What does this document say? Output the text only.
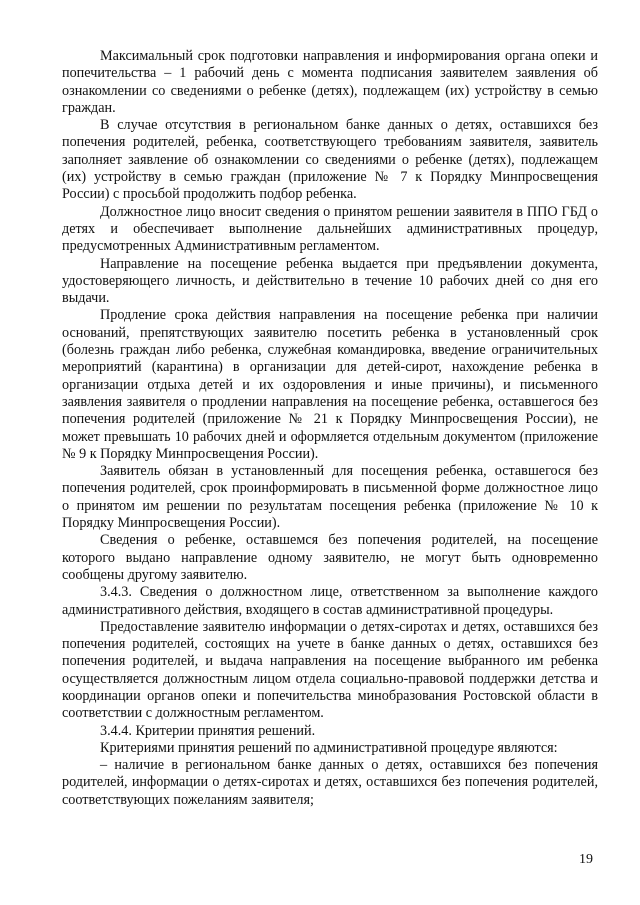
Максимальный срок подготовки направления и информирования органа опеки и попечительства – 1 рабочий день с момента подписания заявителем заявления об ознакомлении со сведениями о ребенке (детях), подлежащем (их) устройству в семью граждан.

В случае отсутствия в региональном банке данных о детях, оставшихся без попечения родителей, ребенка, соответствующего требованиям заявителя, заявитель заполняет заявление об ознакомлении со сведениями о ребенке (детях), подлежащем (их) устройству в семью граждан (приложение № 7 к Порядку Минпросвещения России) с просьбой продолжить подбор ребенка.

Должностное лицо вносит сведения о принятом решении заявителя в ППО ГБД о детях и обеспечивает выполнение дальнейших административных процедур, предусмотренных Административным регламентом.

Направление на посещение ребенка выдается при предъявлении документа, удостоверяющего личность, и действительно в течение 10 рабочих дней со дня его выдачи.

Продление срока действия направления на посещение ребенка при наличии оснований, препятствующих заявителю посетить ребенка в установленный срок (болезнь граждан либо ребенка, служебная командировка, введение ограничительных мероприятий (карантина) в организации для детей-сирот, нахождение ребенка в организации отдыха детей и их оздоровления и иные причины), и письменного заявления заявителя о продлении направления на посещение ребенка, оставшегося без попечения родителей (приложение № 21 к Порядку Минпросвещения России), не может превышать 10 рабочих дней и оформляется отдельным документом (приложение № 9 к Порядку Минпросвещения России).

Заявитель обязан в установленный для посещения ребенка, оставшегося без попечения родителей, срок проинформировать в письменной форме должностное лицо о принятом им решении по результатам посещения ребенка (приложение № 10 к Порядку Минпросвещения России).

Сведения о ребенке, оставшемся без попечения родителей, на посещение которого выдано направление одному заявителю, не могут быть одновременно сообщены другому заявителю.

3.4.3. Сведения о должностном лице, ответственном за выполнение каждого административного действия, входящего в состав административной процедуры.

Предоставление заявителю информации о детях-сиротах и детях, оставшихся без попечения родителей, состоящих на учете в банке данных о детях, оставшихся без попечения родителей, и выдача направления на посещение выбранного им ребенка осуществляется должностным лицом отдела социально-правовой поддержки детства и координации органов опеки и попечительства минобразования Ростовской области в соответствии с должностным регламентом.

3.4.4. Критерии принятия решений.

Критериями принятия решений по административной процедуре являются:

– наличие в региональном банке данных о детях, оставшихся без попечения родителей, информации о детях-сиротах и детях, оставшихся без попечения родителей, соответствующих пожеланиям заявителя;

19
